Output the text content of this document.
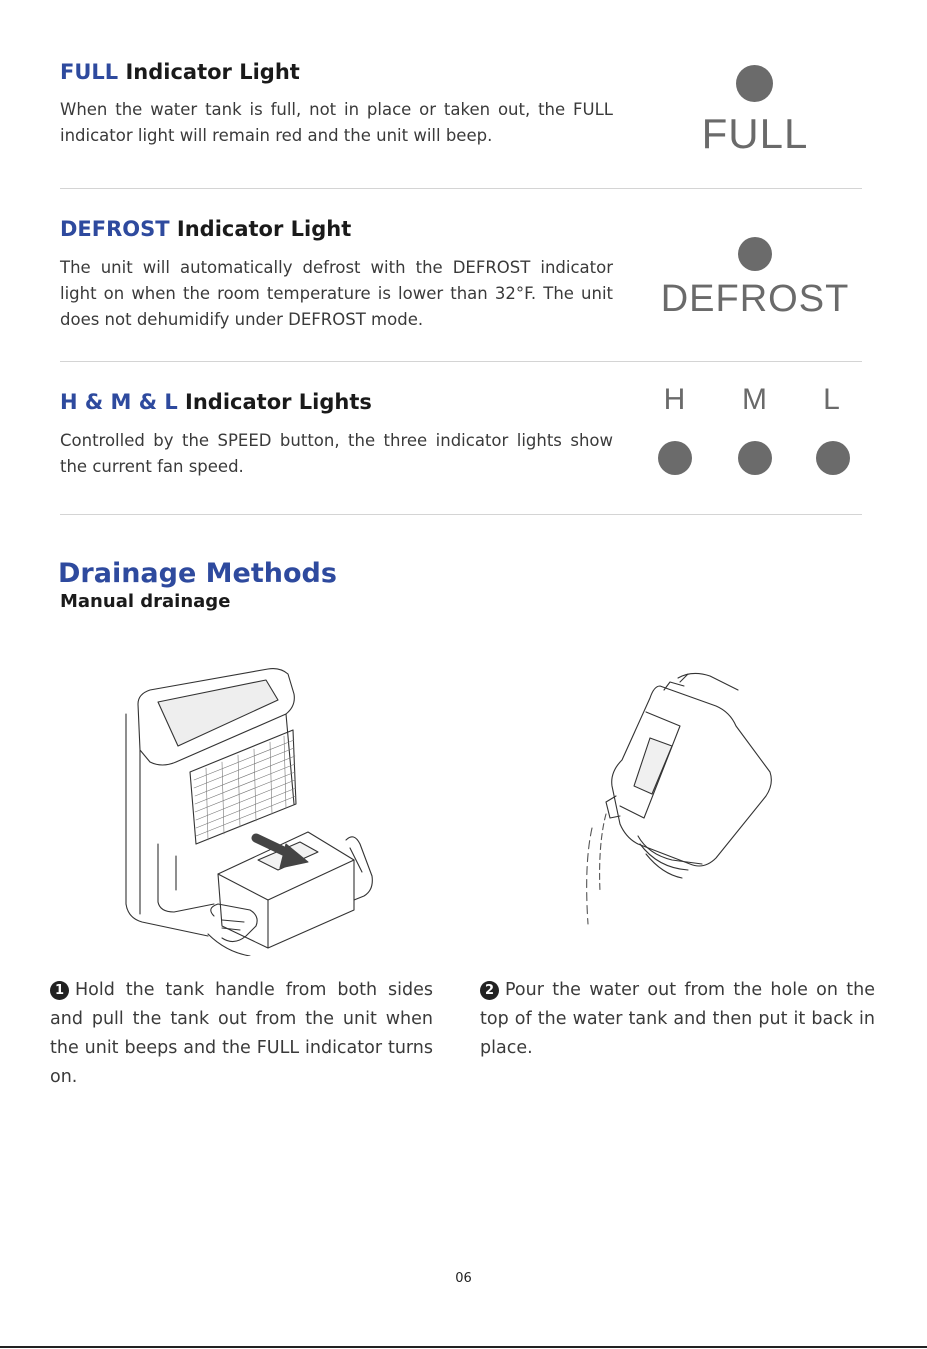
FULL Indicator Light
When the water tank is full, not in place or taken out, the FULL indicator light will remain red and the unit will beep.	FULL
DEFROST Indicator Light
The unit will automatically defrost with the DEFROST indicator light on when the room temperature is lower than 32°F. The unit does not dehumidify under DEFROST mode.	DEFROST
H & M & L Indicator Lights
Controlled by the SPEED button, the three indicator lights show the current fan speed.
H M	L
Drainage Methods
Manual drainage
1 Hold the tank handle from both sides and pull the tank out from the unit when the unit beeps and the FULL indicator turns on.
2 Pour the water out from the hole on the top of the water tank and then put it back in place.
06
